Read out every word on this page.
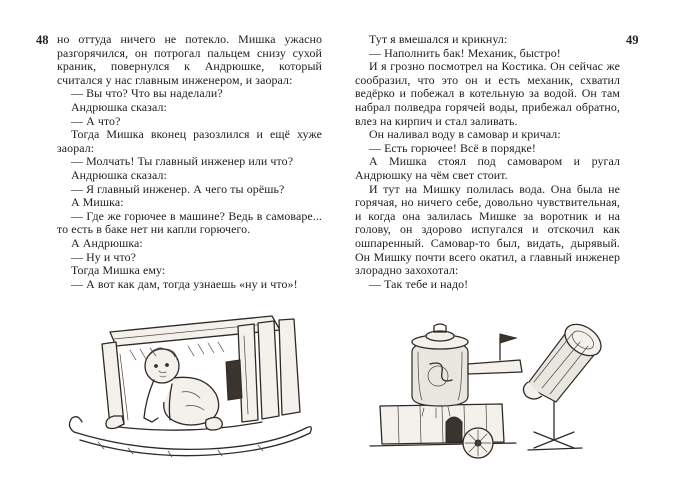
48	49

но оттуда ничего не потекло. Мишка ужасно разгорячился, он потрогал пальцем снизу сухой краник, повернулся к Андрюшке, который считался у нас главным инженером, и заорал:

— Вы что? Что вы наделали?

Андрюшка сказал:

— А что?

Тогда Мишка вконец разозлился и ещё хуже заорал:

— Молчать! Ты главный инженер или что?

Андрюшка сказал:

— Я главный инженер. А чего ты орёшь?

А Мишка:

— Где же горючее в машине? Ведь в самоваре... то есть в баке нет ни капли горючего.

А Андрюшка:

— Ну и что?

Тогда Мишка ему:

— А вот как дам, тогда узнаешь «ну и что»!

Тут я вмешался и крикнул:

— Наполнить бак! Механик, быстро!

И я грозно посмотрел на Костика. Он сейчас же сообразил, что это он и есть механик, схватил ведёрко и побежал в котельную за водой. Он там набрал полведра горячей воды, прибежал обратно, влез на кирпич и стал заливать.

Он наливал воду в самовар и кричал:

— Есть горючее! Всё в порядке!

А Мишка стоял под самоваром и ругал Андрюшку на чём свет стоит.

И тут на Мишку полилась вода. Она была не горячая, но ничего себе, довольно чувствительная, и когда она залилась Мишке за воротник и на голову, он здорово испугался и отскочил как ошпаренный. Самовар-то был, видать, дырявый. Он Мишку почти всего окатил, а главный инженер злорадно захохотал:

— Так тебе и надо!
